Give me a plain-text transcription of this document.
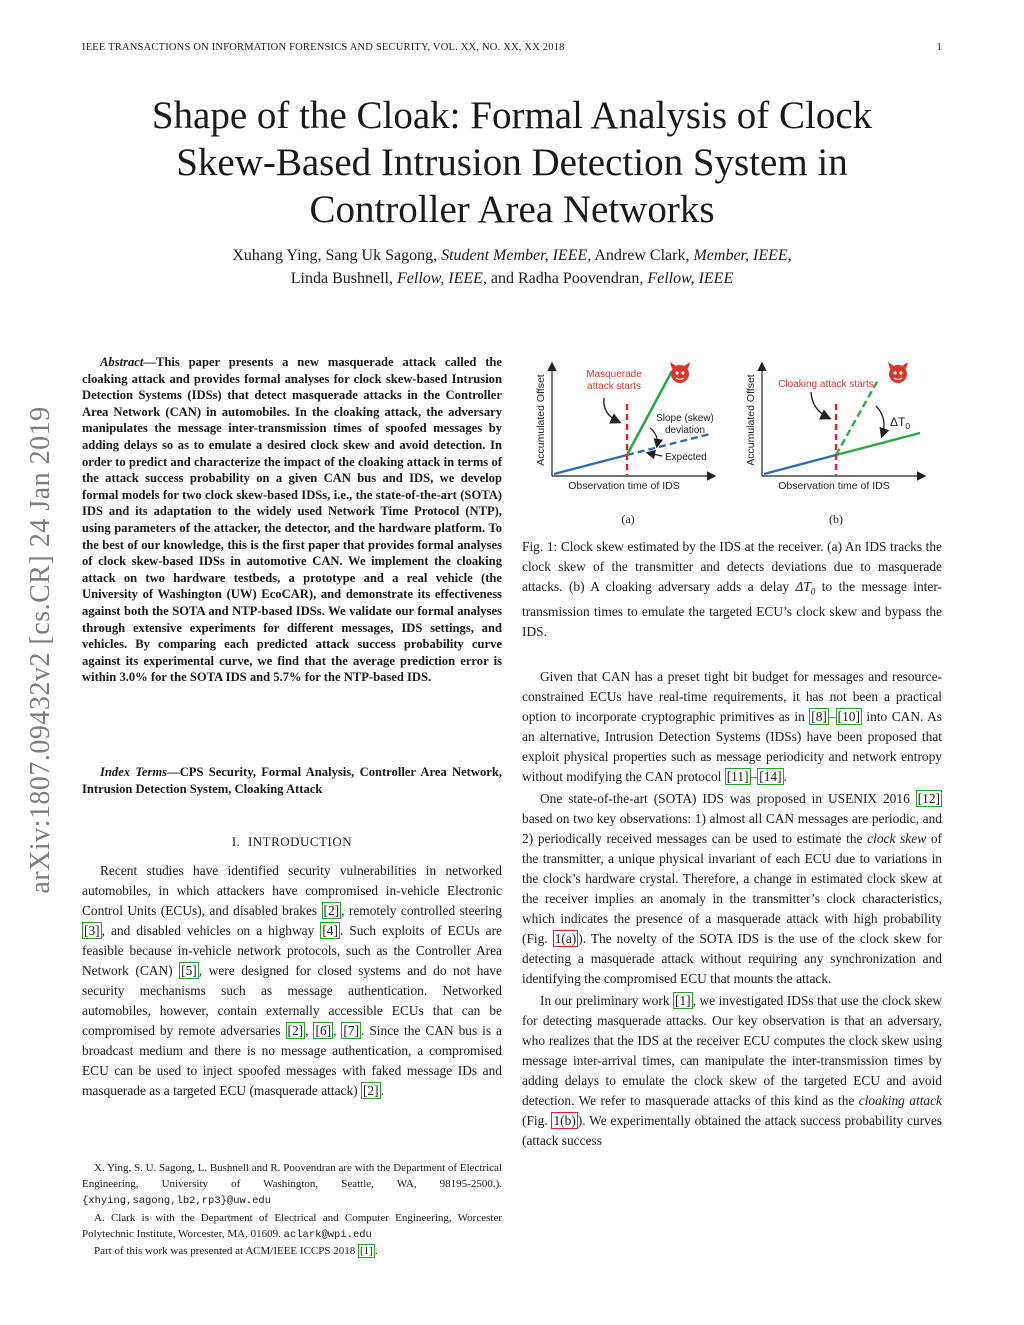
IEEE TRANSACTIONS ON INFORMATION FORENSICS AND SECURITY, VOL. XX, NO. XX, XX 2018	1
Shape of the Cloak: Formal Analysis of Clock
Skew-Based Intrusion Detection System in
Controller Area Networks
Xuhang Ying, Sang Uk Sagong, Student Member, IEEE, Andrew Clark, Member, IEEE,
Linda Bushnell, Fellow, IEEE, and Radha Poovendran, Fellow, IEEE
arXiv:1807.09432v2 [cs.CR] 24 Jan 2019
Abstract—This paper presents a new masquerade attack called the cloaking attack and provides formal analyses for clock skew-based Intrusion Detection Systems (IDSs) that detect masquerade attacks in the Controller Area Network (CAN) in automobiles. In the cloaking attack, the adversary manipulates the message inter-transmission times of spoofed messages by adding delays so as to emulate a desired clock skew and avoid detection. In order to predict and characterize the impact of the cloaking attack in terms of the attack success probability on a given CAN bus and IDS, we develop formal models for two clock skew-based IDSs, i.e., the state-of-the-art (SOTA) IDS and its adaptation to the widely used Network Time Protocol (NTP), using parameters of the attacker, the detector, and the hardware platform. To the best of our knowledge, this is the first paper that provides formal analyses of clock skew-based IDSs in automotive CAN. We implement the cloaking attack on two hardware testbeds, a prototype and a real vehicle (the University of Washington (UW) EcoCAR), and demonstrate its effectiveness against both the SOTA and NTP-based IDSs. We validate our formal analyses through extensive experiments for different messages, IDS settings, and vehicles. By comparing each predicted attack success probability curve against its experimental curve, we find that the average prediction error is within 3.0% for the SOTA IDS and 5.7% for the NTP-based IDS.
Index Terms—CPS Security, Formal Analysis, Controller Area Network, Intrusion Detection System, Cloaking Attack
I. INTRODUCTION
Recent studies have identified security vulnerabilities in networked automobiles, in which attackers have compromised in-vehicle Electronic Control Units (ECUs), and disabled brakes [2] , remotely controlled steering [3] , and disabled vehicles on a highway [4] . Such exploits of ECUs are feasible because in-vehicle network protocols, such as the Controller Area Network (CAN) [5] , were designed for closed systems and do not have security mechanisms such as message authentication. Networked automobiles, however, contain externally accessible ECUs that can be compromised by remote adversaries [2] , [6] , [7] . Since the CAN bus is a broadcast medium and there is no message authentication, a compromised ECU can be used to inject spoofed messages with faked message IDs and masquerade as a targeted ECU (masquerade attack) [2] .

X. Ying, S. U. Sagong, L. Bushnell and R. Poovendran are with the Department of Electrical Engineering, University of Washington, Seattle, WA, 98195-2500.). {xhying,sagong,lb2,rp3}@uw.edu

A. Clark is with the Department of Electrical and Computer Engineering, Worcester Polytechnic Institute, Worcester, MA, 01609. aclark@wpi.edu

Part of this work was presented at ACM/IEEE ICCPS 2018 [1] .

Accumulated Offset
Observation time of IDS
Masquerade
attack starts
Slope (skew)
deviation
Expected
(a)
Accumulated Offset
Observation time of IDS
Cloaking attack starts
$\Delta T_0$
(b)
Fig. 1: Clock skew estimated by the IDS at the receiver. (a) An IDS tracks the clock skew of the transmitter and detects deviations due to masquerade attacks. (b) A cloaking adversary adds a delay $\Delta T_0$ to the message inter-transmission times to emulate the targeted ECU’s clock skew and bypass the IDS.

Given that CAN has a preset tight bit budget for messages and resource-constrained ECUs have real-time requirements, it has not been a practical option to incorporate cryptographic primitives as in [8] – [10] into CAN. As an alternative, Intrusion Detection Systems (IDSs) have been proposed that exploit physical properties such as message periodicity and network entropy without modifying the CAN protocol [11] – [14] .

One state-of-the-art (SOTA) IDS was proposed in USENIX 2016 [12] based on two key observations: 1) almost all CAN messages are periodic, and 2) periodically received messages can be used to estimate the clock skew of the transmitter, a unique physical invariant of each ECU due to variations in the clock’s hardware crystal. Therefore, a change in estimated clock skew at the receiver implies an anomaly in the transmitter’s clock characteristics, which indicates the presence of a masquerade attack with high probability (Fig. 1(a) ). The novelty of the SOTA IDS is the use of the clock skew for detecting a masquerade attack without requiring any synchronization and identifying the compromised ECU that mounts the attack.

In our preliminary work [1] , we investigated IDSs that use the clock skew for detecting masquerade attacks. Our key observation is that an adversary, who realizes that the IDS at the receiver ECU computes the clock skew using message inter-arrival times, can manipulate the inter-transmission times by adding delays to emulate the clock skew of the targeted ECU and avoid detection. We refer to masquerade attacks of this kind as the cloaking attack (Fig. 1(b) ). We experimentally obtained the attack success probability curves (attack success
